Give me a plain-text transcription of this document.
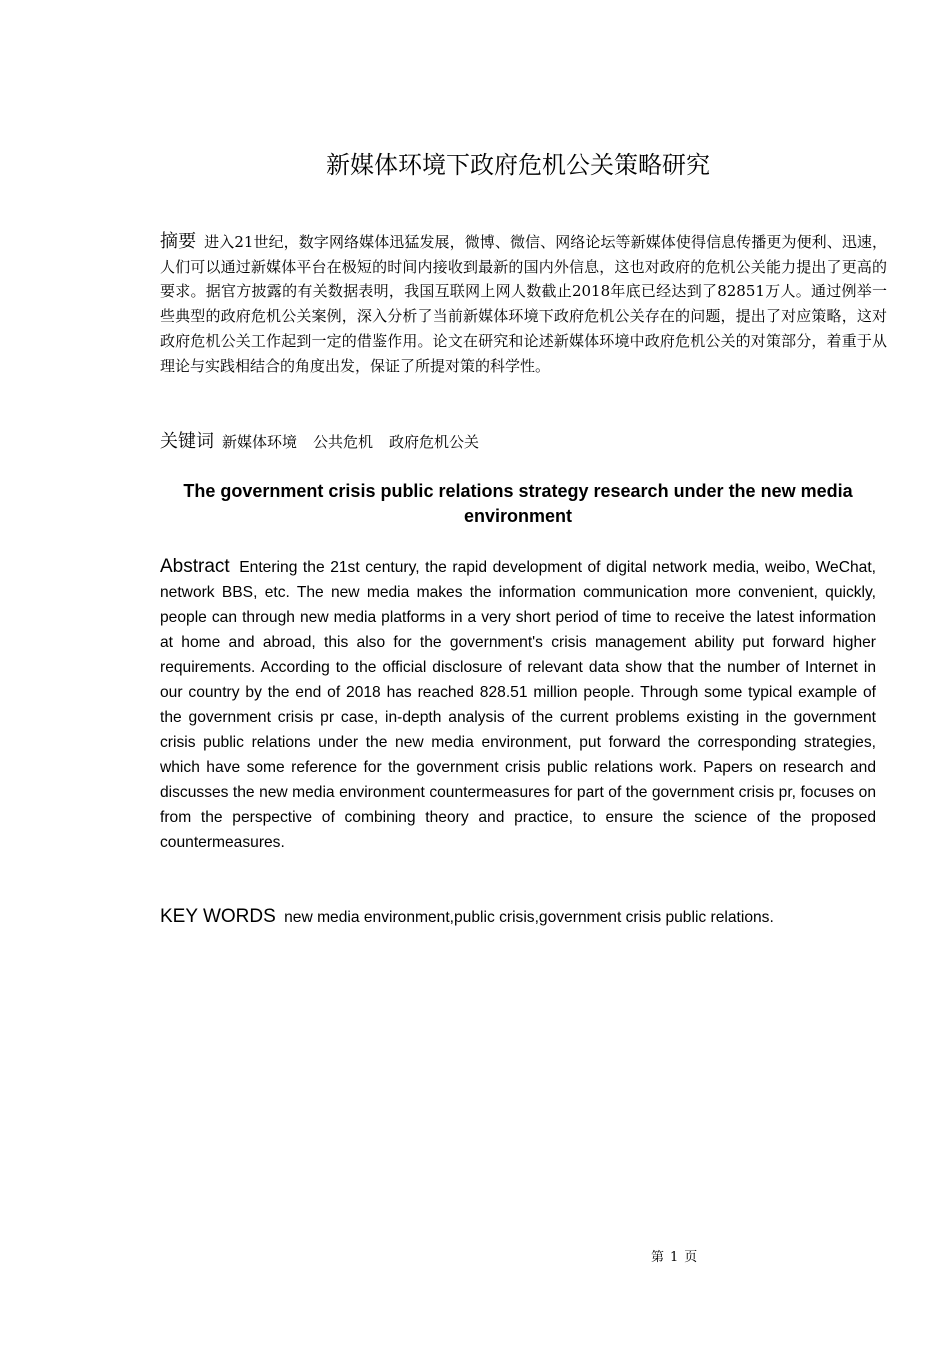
新媒体环境下政府危机公关策略研究

摘要 进入21世纪，数字网络媒体迅猛发展，微博、微信、网络论坛等新媒体使得信息传播更为便利、迅速，人们可以通过新媒体平台在极短的时间内接收到最新的国内外信息，这也对政府的危机公关能力提出了更高的要求。据官方披露的有关数据表明，我国互联网上网人数截止2018年底已经达到了82851万人。通过例举一些典型的政府危机公关案例，深入分析了当前新媒体环境下政府危机公关存在的问题，提出了对应策略，这对政府危机公关工作起到一定的借鉴作用。论文在研究和论述新媒体环境中政府危机公关的对策部分，着重于从理论与实践相结合的角度出发，保证了所提对策的科学性。

关键词 新媒体环境 公共危机 政府危机公关

The government crisis public relations strategy research under the new media environment

Abstract Entering the 21st century, the rapid development of digital network media, weibo, WeChat, network BBS, etc. The new media makes the information communication more convenient, quickly, people can through new media platforms in a very short period of time to receive the latest information at home and abroad, this also for the government's crisis management ability put forward higher requirements. According to the official disclosure of relevant data show that the number of Internet in our country by the end of 2018 has reached 828.51 million people. Through some typical example of the government crisis pr case, in-depth analysis of the current problems existing in the government crisis public relations under the new media environment, put forward the corresponding strategies, which have some reference for the government crisis public relations work. Papers on research and discusses the new media environment countermeasures for part of the government crisis pr, focuses on from the perspective of combining theory and practice, to ensure the science of the proposed countermeasures.

KEY WORDS new media environment,public crisis,government crisis public relations.

第 1 页
